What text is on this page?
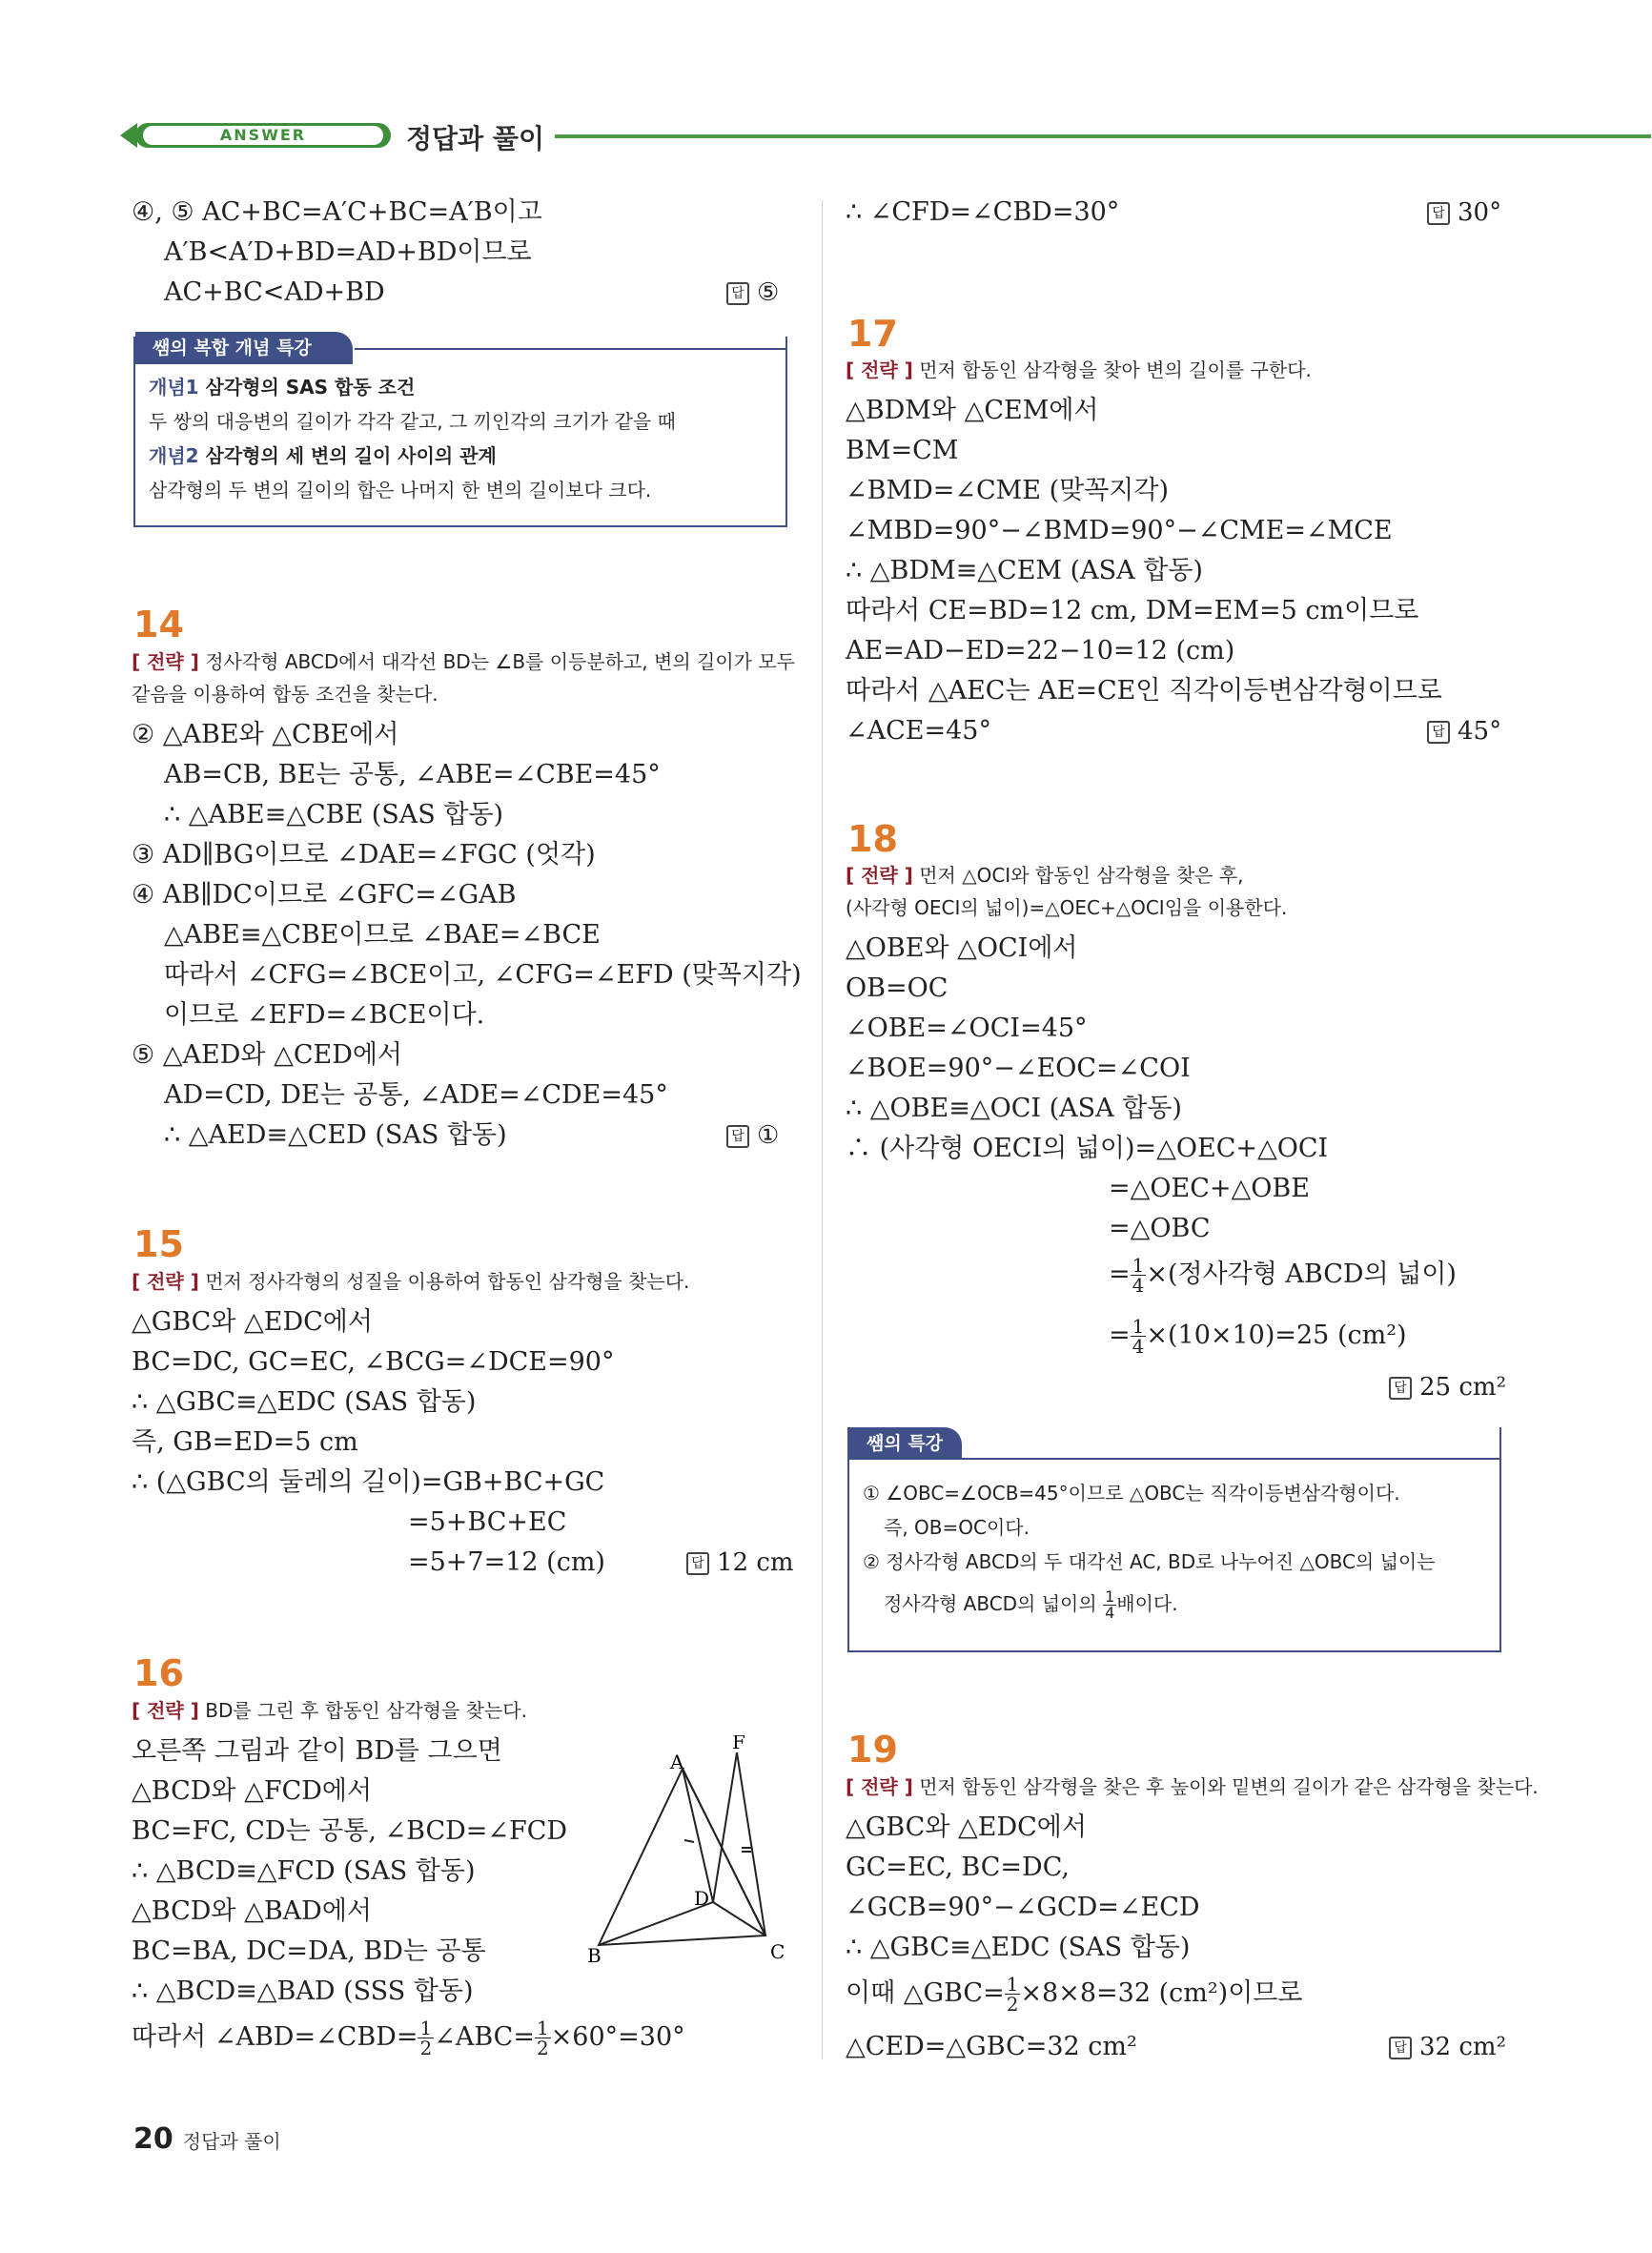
ANSWER	정답과 풀이
④, ⑤ AC+BC=A′C+BC=A′B이고
A′B<A′D+BD=AD+BD이므로
AC+BC<AD+BD	답 ⑤
쌤의 복합 개념 특강
개념1 삼각형의 SAS 합동 조건
두 쌍의 대응변의 길이가 각각 같고, 그 끼인각의 크기가 같을 때
개념2 삼각형의 세 변의 길이 사이의 관계
삼각형의 두 변의 길이의 합은 나머지 한 변의 길이보다 크다.
14
[ 전략 ] 정사각형 ABCD에서 대각선 BD는 ∠B를 이등분하고, 변의 길이가 모두
같음을 이용하여 합동 조건을 찾는다.
② △ABE와 △CBE에서
AB=CB, BE는 공통, ∠ABE=∠CBE=45°
∴ △ABE≡△CBE (SAS 합동)
③ AD∥BG이므로 ∠DAE=∠FGC (엇각)
④ AB∥DC이므로 ∠GFC=∠GAB
△ABE≡△CBE이므로 ∠BAE=∠BCE
따라서 ∠CFG=∠BCE이고, ∠CFG=∠EFD (맞꼭지각)
이므로 ∠EFD=∠BCE이다.
⑤ △AED와 △CED에서
AD=CD, DE는 공통, ∠ADE=∠CDE=45°
∴ △AED≡△CED (SAS 합동)	답 ①
15
[ 전략 ] 먼저 정사각형의 성질을 이용하여 합동인 삼각형을 찾는다.
△GBC와 △EDC에서
BC=DC, GC=EC, ∠BCG=∠DCE=90°
∴ △GBC≡△EDC (SAS 합동)
즉, GB=ED=5 cm
∴ (△GBC의 둘레의 길이)=GB+BC+GC
=5+BC+EC
=5+7=12 (cm)	답 12 cm
16
[ 전략 ] BD를 그린 후 합동인 삼각형을 찾는다.
오른쪽 그림과 같이 BD를 그으면
△BCD와 △FCD에서
BC=FC, CD는 공통, ∠BCD=∠FCD
∴ △BCD≡△FCD (SAS 합동)
△BCD와 △BAD에서
BC=BA, DC=DA, BD는 공통
∴ △BCD≡△BAD (SSS 합동)
따라서 ∠ABD=∠CBD= $\frac{1}{2}$ ∠ABC= $\frac{1}{2} \times 60^\circ=30^\circ$
A
B	C
D
F
∴ ∠CFD=∠CBD=30°	답 30°
17
[ 전략 ] 먼저 합동인 삼각형을 찾아 변의 길이를 구한다.
△BDM와 △CEM에서
BM=CM
∠BMD=∠CME (맞꼭지각)
∠MBD=90°−∠BMD=90°−∠CME=∠MCE
∴ △BDM≡△CEM (ASA 합동)
따라서 CE=BD=12 cm, DM=EM=5 cm이므로
AE=AD−ED=22−10=12 (cm)
따라서 △AEC는 AE=CE인 직각이등변삼각형이므로
∠ACE=45°	답 45°
18
[ 전략 ] 먼저 △OCI와 합동인 삼각형을 찾은 후,
(사각형 OECI의 넓이)=△OEC+△OCI임을 이용한다.
△OBE와 △OCI에서
OB=OC
∠OBE=∠OCI=45°
∠BOE=90°−∠EOC=∠COI
∴ △OBE≡△OCI (ASA 합동)
∴ (사각형 OECI의 넓이)=△OEC+△OCI
=△OEC+△OBE
=△OBC
= $\frac{1}{4}$ ×(정사각형 ABCD의 넓이)
= $\frac{1}{4} \times(10\times 10)=25$ (cm²)
답 25 cm²
쌤의 특강
① ∠OBC=∠OCB=45°이므로 △OBC는 직각이등변삼각형이다.
즉, OB=OC이다.
② 정사각형 ABCD의 두 대각선 AC, BD로 나누어진 △OBC의 넓이는
정사각형 ABCD의 넓이의 $\frac{1}{4}$ 배이다.
19
[ 전략 ] 먼저 합동인 삼각형을 찾은 후 높이와 밑변의 길이가 같은 삼각형을 찾는다.
△GBC와 △EDC에서
GC=EC, BC=DC,
∠GCB=90°−∠GCD=∠ECD
∴ △GBC≡△EDC (SAS 합동)
이때 △GBC= $\frac{1}{2} \times 8\times 8=32$ (cm²)이므로
△CED=△GBC=32 cm²	답 32 cm²
20 정답과 풀이
